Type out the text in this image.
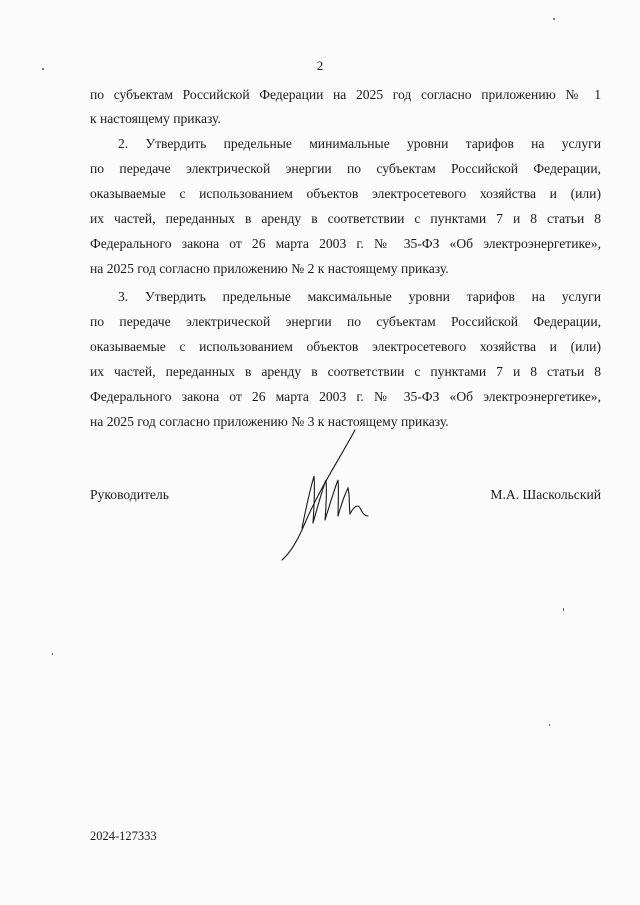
2
по субъектам Российской Федерации на 2025 год согласно приложению № 1
к настоящему приказу.
2. Утвердить предельные минимальные уровни тарифов на услуги
по передаче электрической энергии по субъектам Российской Федерации,
оказываемые с использованием объектов электросетевого хозяйства и (или)
их частей, переданных в аренду в соответствии с пунктами 7 и 8 статьи 8
Федерального закона от 26 марта 2003 г. № 35-ФЗ «Об электроэнергетике»,
на 2025 год согласно приложению № 2 к настоящему приказу.
3. Утвердить предельные максимальные уровни тарифов на услуги
по передаче электрической энергии по субъектам Российской Федерации,
оказываемые с использованием объектов электросетевого хозяйства и (или)
их частей, переданных в аренду в соответствии с пунктами 7 и 8 статьи 8
Федерального закона от 26 марта 2003 г. № 35-ФЗ «Об электроэнергетике»,
на 2025 год согласно приложению № 3 к настоящему приказу.
Руководитель	М.А. Шаскольский
2024-127333
